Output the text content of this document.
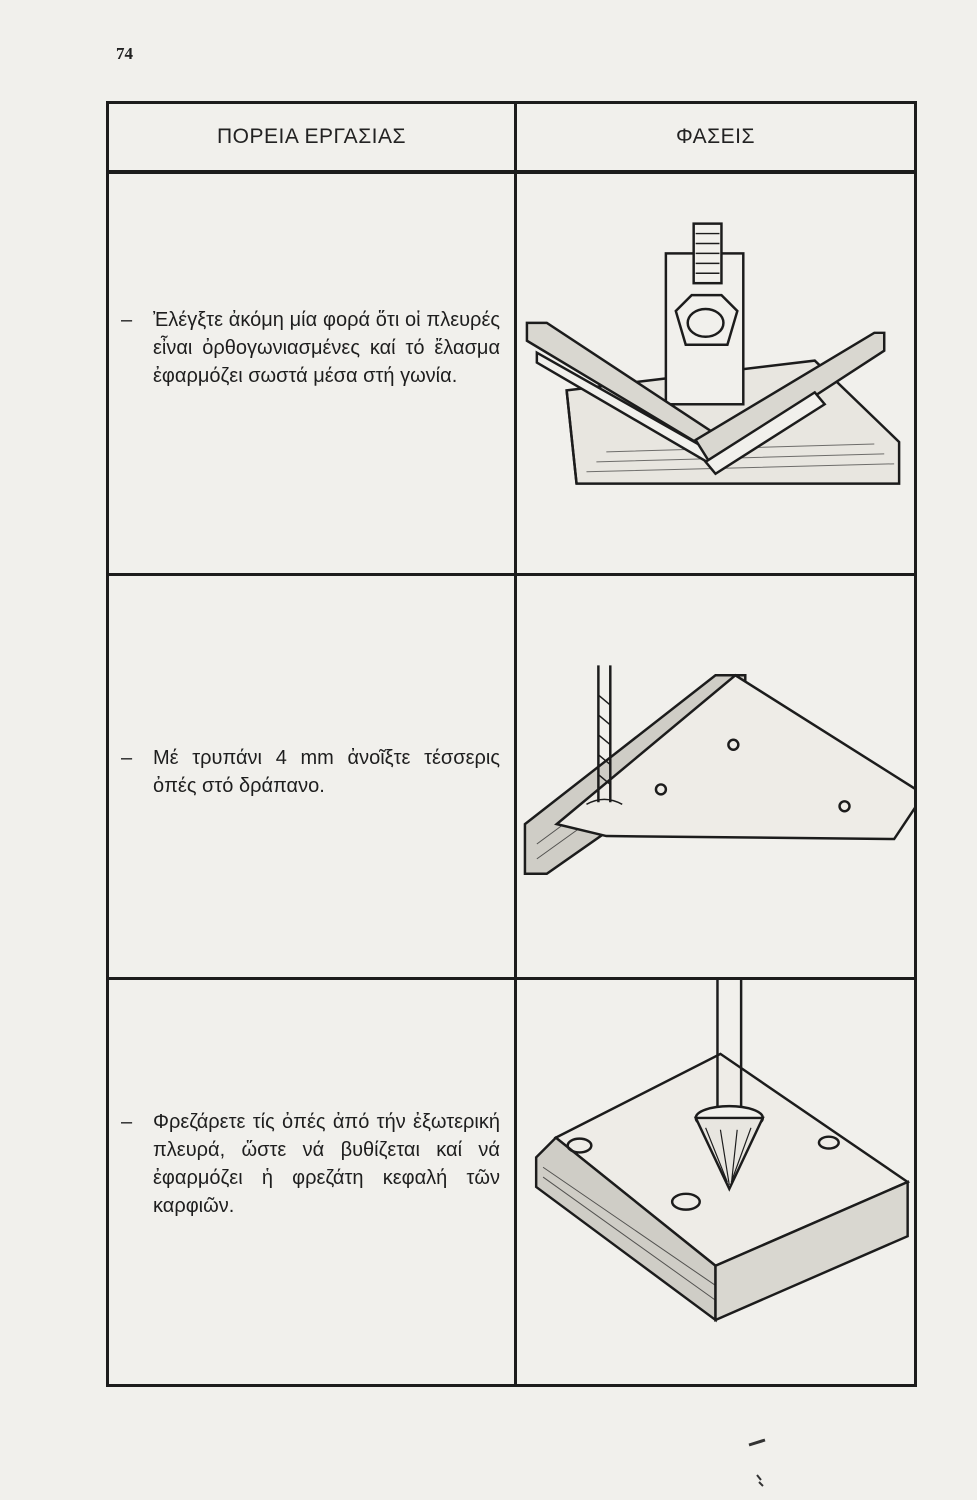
74
ΠΟΡΕΙΑ ΕΡΓΑΣΙΑΣ	ΦΑΣΕΙΣ
–	Ἐλέγξτε ἀκόμη μία φορά ὅτι οἱ πλευρές εἶναι ὀρθογωνιασμένες καί τό ἔλασμα ἐφαρμόζει σωστά μέσα στή γωνία.
–	Μέ τρυπάνι 4 mm ἀνοῖξτε τέσσερις ὀπές στό δράπανο.
–	Φρεζάρετε τίς ὀπές ἀπό τήν ἐξωτερική πλευρά, ὥστε νά βυθίζεται καί νά ἐφαρμόζει ἡ φρεζάτη κεφαλή τῶν καρφιῶν.
